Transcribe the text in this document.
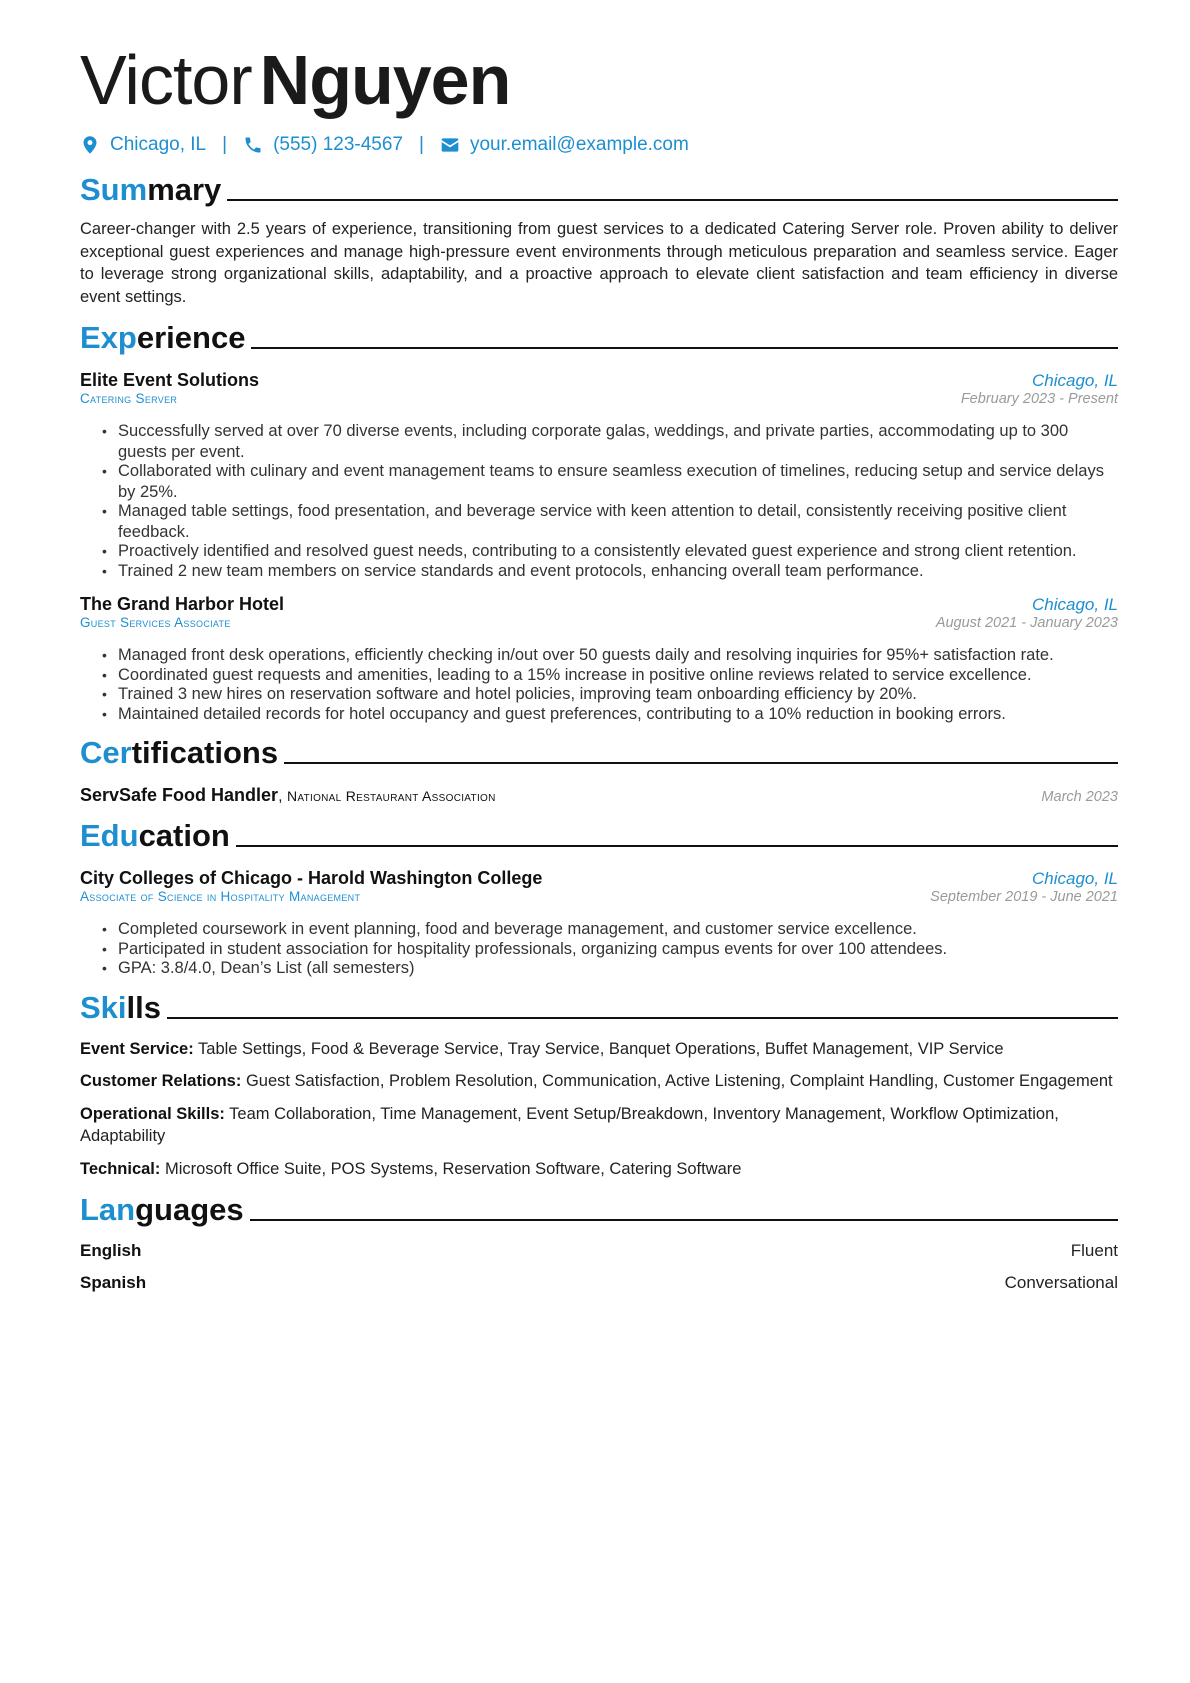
Victor Nguyen
Chicago, IL | (555) 123-4567 | your.email@example.com
Summary
Career-changer with 2.5 years of experience, transitioning from guest services to a dedicated Catering Server role. Proven ability to deliver exceptional guest experiences and manage high-pressure event environments through meticulous preparation and seamless service. Eager to leverage strong organizational skills, adaptability, and a proactive approach to elevate client satisfaction and team efficiency in diverse event settings.
Experience
Elite Event Solutions	Chicago, IL
Catering Server	February 2023 - Present
• Successfully served at over 70 diverse events, including corporate galas, weddings, and private parties, accommodating up to 300 guests per event.
• Collaborated with culinary and event management teams to ensure seamless execution of timelines, reducing setup and service delays by 25%.
• Managed table settings, food presentation, and beverage service with keen attention to detail, consistently receiving positive client feedback.
• Proactively identified and resolved guest needs, contributing to a consistently elevated guest experience and strong client retention.
• Trained 2 new team members on service standards and event protocols, enhancing overall team performance.
The Grand Harbor Hotel	Chicago, IL
Guest Services Associate	August 2021 - January 2023
• Managed front desk operations, efficiently checking in/out over 50 guests daily and resolving inquiries for 95%+ satisfaction rate.
• Coordinated guest requests and amenities, leading to a 15% increase in positive online reviews related to service excellence.
• Trained 3 new hires on reservation software and hotel policies, improving team onboarding efficiency by 20%.
• Maintained detailed records for hotel occupancy and guest preferences, contributing to a 10% reduction in booking errors.
Certifications
ServSafe Food Handler, National Restaurant Association	March 2023
Education
City Colleges of Chicago - Harold Washington College	Chicago, IL
Associate of Science in Hospitality Management	September 2019 - June 2021
• Completed coursework in event planning, food and beverage management, and customer service excellence.
• Participated in student association for hospitality professionals, organizing campus events for over 100 attendees.
• GPA: 3.8/4.0, Dean’s List (all semesters)
Skills
Event Service: Table Settings, Food & Beverage Service, Tray Service, Banquet Operations, Buffet Management, VIP Service
Customer Relations: Guest Satisfaction, Problem Resolution, Communication, Active Listening, Complaint Handling, Customer Engagement
Operational Skills: Team Collaboration, Time Management, Event Setup/Breakdown, Inventory Management, Workflow Optimization, Adaptability
Technical: Microsoft Office Suite, POS Systems, Reservation Software, Catering Software
Languages
English	Fluent
Spanish	Conversational
